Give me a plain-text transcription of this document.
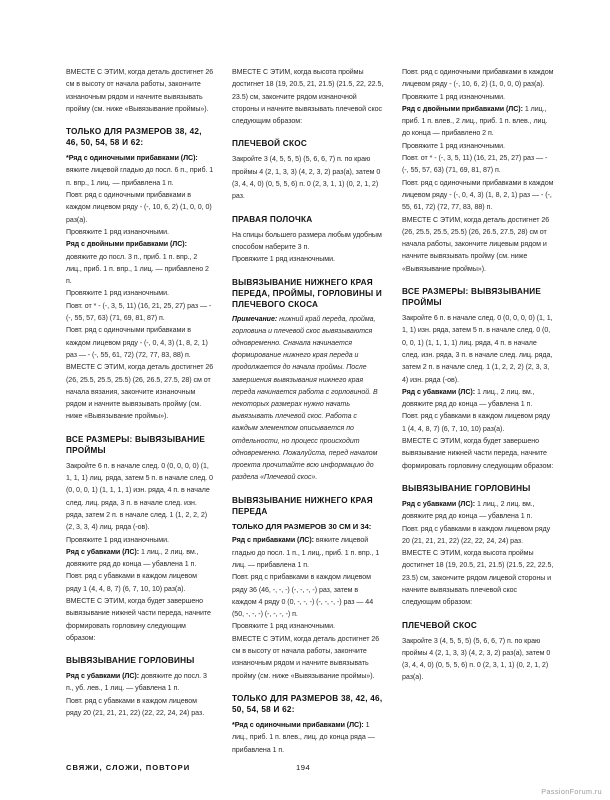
ВМЕСТЕ С ЭТИМ, когда деталь достигнет 26 см в высоту от начала работы, закончите изнаночным рядом и начните вывязывать пройму (см. ниже «Вывязывание проймы»).

ТОЛЬКО ДЛЯ РАЗМЕРОВ 38, 42, 46, 50, 54, 58 И 62:

*Ряд с одиночными прибавками (ЛС): вяжите лицевой гладью до посл. 6 п., приб. 1 п. впр., 1 лиц. — прибавлена 1 п.

Повт. ряд с одиночными прибавками в каждом лицевом ряду - (-, 10, 6, 2) (1, 0, 0, 0) раз(а).

Провяжите 1 ряд изнаночными.

Ряд с двойными прибавками (ЛС): довяжите до посл. 3 п., приб. 1 п. впр., 2 лиц., приб. 1 п. впр., 1 лиц. — прибавлено 2 п.

Провяжите 1 ряд изнаночными.

Повт. от * - (-, 3, 5, 11) (16, 21, 25, 27) раз — - (-, 55, 57, 63) (71, 69, 81, 87) п.

Повт. ряд с одиночными прибавками в каждом лицевом ряду - (-, 0, 4, 3) (1, 8, 2, 1) раз — - (-, 55, 61, 72) (72, 77, 83, 88) п.

ВМЕСТЕ С ЭТИМ, когда деталь достигнет 26 (26, 25.5, 25.5, 25.5) (26, 26.5, 27.5, 28) см от начала вязания, закончите изнаночным рядом и начните вывязывать пройму (см. ниже «Вывязывание проймы»).

ВСЕ РАЗМЕРЫ: ВЫВЯЗЫВАНИЕ ПРОЙМЫ

Закройте 6 п. в начале след. 0 (0, 0, 0, 0) (1, 1, 1, 1) лиц. ряда, затем 5 п. в начале след. 0 (0, 0, 0, 1) (1, 1, 1, 1) изн. ряда, 4 п. в начале след. лиц. ряда, 3 п. в начале след. изн. ряда, затем 2 п. в начале след. 1 (1, 2, 2, 2) (2, 3, 3, 4) лиц. ряда (-ов).

Провяжите 1 ряд изнаночными.

Ряд с убавками (ЛС): 1 лиц., 2 лиц. вм., довяжите ряд до конца — убавлена 1 п.

Повт. ряд с убавками в каждом лицевом ряду 1 (4, 4, 8, 7) (6, 7, 10, 10) раз(а).

ВМЕСТЕ С ЭТИМ, когда будет завершено вывязывание нижней части переда, начните формировать горловину следующим образом:

ВЫВЯЗЫВАНИЕ ГОРЛОВИНЫ

Ряд с убавками (ЛС): довяжите до посл. 3 п., уб. лев., 1 лиц. — убавлена 1 п.

Повт. ряд с убавками в каждом лицевом ряду 20 (21, 21, 21, 22) (22, 22, 24, 24) раз.

ВМЕСТЕ С ЭТИМ, когда высота проймы достигнет 18 (19, 20.5, 21, 21.5) (21.5, 22, 22.5, 23.5) см, закончите рядом изнаночной стороны и начните вывязывать плечевой скос следующим образом:

ПЛЕЧЕВОЙ СКОС

Закройте 3 (4, 5, 5, 5) (5, 6, 6, 7) п. по краю проймы 4 (2, 1, 3, 3) (4, 2, 3, 2) раз(а), затем 0 (3, 4, 4, 0) (0, 5, 5, 6) п. 0 (2, 3, 1, 1) (0, 2, 1, 2) раз.

ПРАВАЯ ПОЛОЧКА

На спицы большего размера любым удобным способом наберите 3 п.

Провяжите 1 ряд изнаночными.

ВЫВЯЗЫВАНИЕ НИЖНЕГО КРАЯ ПЕРЕДА, ПРОЙМЫ, ГОРЛОВИНЫ И ПЛЕЧЕВОГО СКОСА

Примечание: нижний край переда, пройма, горловина и плечевой скос вывязываются одновременно. Сначала начинается формирование нижнего края переда и продолжается до начала проймы. После завершения вывязывания нижнего края переда начинается работа с горловиной. В некоторых размерах нужно начать вывязывать плечевой скос. Работа с каждым элементом описывается по отдельности, но процесс происходит одновременно. Пожалуйста, перед началом проекта прочитайте всю информацию до раздела «Плечевой скос».

ВЫВЯЗЫВАНИЕ НИЖНЕГО КРАЯ ПЕРЕДА
ТОЛЬКО ДЛЯ РАЗМЕРОВ 30 СМ И 34:

Ряд с прибавками (ЛС): вяжите лицевой гладью до посл. 1 п., 1 лиц., приб. 1 п. впр., 1 лиц. — прибавлена 1 п.

Повт. ряд с прибавками в каждом лицевом ряду 36 (46, -, -, -) (-, -, -, -) раз, затем в каждом 4 ряду 0 (0, -, -, -) (-, -, -, -) раз — 44 (50, -, -, -) (-, -, -, -) п.

Провяжите 1 ряд изнаночными.

ВМЕСТЕ С ЭТИМ, когда деталь достигнет 26 см в высоту от начала работы, закончите изнаночным рядом и начните вывязывать пройму (см. ниже «Вывязывание проймы»).

ТОЛЬКО ДЛЯ РАЗМЕРОВ 38, 42, 46, 50, 54, 58 И 62:

*Ряд с одиночными прибавками (ЛС): 1 лиц., приб. 1 п. влев., лиц. до конца ряда — прибавлена 1 п.

Повт. ряд с одиночными прибавками в каждом лицевом ряду - (-, 10, 6, 2) (1, 0, 0, 0) раз(а).

Провяжите 1 ряд изнаночными.

Ряд с двойными прибавками (ЛС): 1 лиц., приб. 1 п. влев., 2 лиц., приб. 1 п. влев., лиц. до конца — прибавлено 2 п.

Провяжите 1 ряд изнаночными.

Повт. от * - (-, 3, 5, 11) (16, 21, 25, 27) раз — - (-, 55, 57, 63) (71, 69, 81, 87) п.

Повт. ряд с одиночными прибавками в каждом лицевом ряду - (-, 0, 4, 3) (1, 8, 2, 1) раз — - (-, 55, 61, 72) (72, 77, 83, 88) п.

ВМЕСТЕ С ЭТИМ, когда деталь достигнет 26 (26, 25.5, 25.5, 25.5) (26, 26.5, 27.5, 28) см от начала работы, закончите лицевым рядом и начните вывязывать пройму (см. ниже «Вывязывание проймы»).

ВСЕ РАЗМЕРЫ: ВЫВЯЗЫВАНИЕ ПРОЙМЫ

Закройте 6 п. в начале след. 0 (0, 0, 0, 0) (1, 1, 1, 1) изн. ряда, затем 5 п. в начале след. 0 (0, 0, 0, 1) (1, 1, 1, 1) лиц. ряда, 4 п. в начале след. изн. ряда, 3 п. в начале след. лиц. ряда, затем 2 п. в начале след. 1 (1, 2, 2, 2) (2, 3, 3, 4) изн. ряда (-ов).

Ряд с убавками (ЛС): 1 лиц., 2 лиц. вм., довяжите ряд до конца — убавлена 1 п.

Повт. ряд с убавками в каждом лицевом ряду 1 (4, 4, 8, 7) (6, 7, 10, 10) раз(а).

ВМЕСТЕ С ЭТИМ, когда будет завершено вывязывание нижней части переда, начните формировать горловину следующим образом:

ВЫВЯЗЫВАНИЕ ГОРЛОВИНЫ

Ряд с убавками (ЛС): 1 лиц., 2 лиц. вм., довяжите ряд до конца — убавлена 1 п.

Повт. ряд с убавками в каждом лицевом ряду 20 (21, 21, 21, 22) (22, 22, 24, 24) раз.

ВМЕСТЕ С ЭТИМ, когда высота проймы достигнет 18 (19, 20.5, 21, 21.5) (21.5, 22, 22.5, 23.5) см, закончите рядом лицевой стороны и начните вывязывать плечевой скос следующим образом:

ПЛЕЧЕВОЙ СКОС

Закройте 3 (4, 5, 5, 5) (5, 6, 6, 7) п. по краю проймы 4 (2, 1, 3, 3) (4, 2, 3, 2) раз(а), затем 0 (3, 4, 4, 0) (0, 5, 5, 6) п. 0 (2, 3, 1, 1) (0, 2, 1, 2) раз(а).

СВЯЖИ, СЛОЖИ, ПОВТОРИ	194
PassionForum.ru
